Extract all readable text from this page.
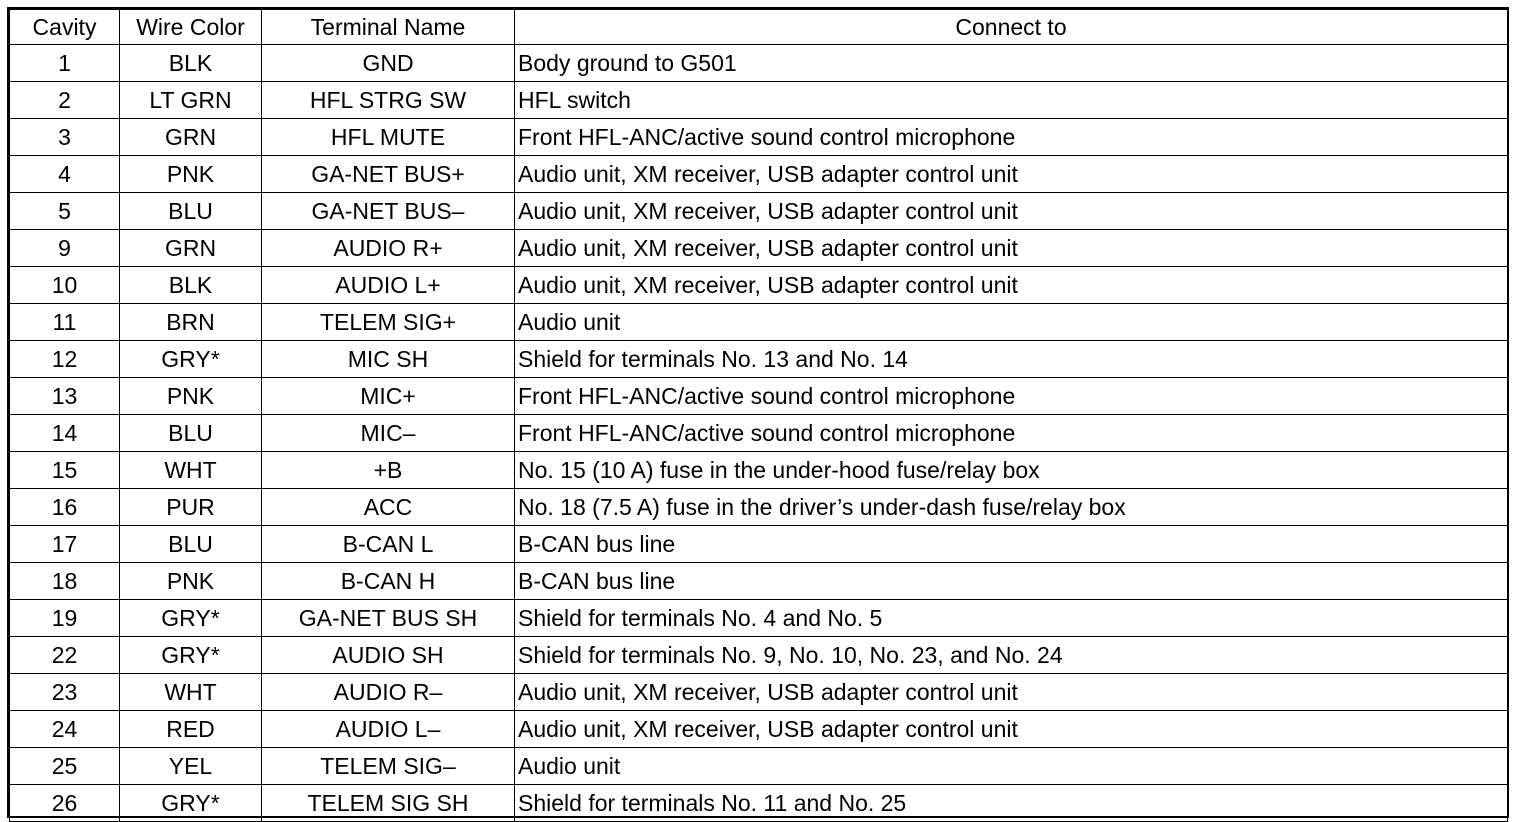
Cavity	Wire Color	Terminal Name	Connect to
1	BLK	GND	Body ground to G501
2	LT GRN	HFL STRG SW	HFL switch
3	GRN	HFL MUTE	Front HFL-ANC/active sound control microphone
4	PNK	GA-NET BUS+	Audio unit, XM receiver, USB adapter control unit
5	BLU	GA-NET BUS–	Audio unit, XM receiver, USB adapter control unit
9	GRN	AUDIO R+	Audio unit, XM receiver, USB adapter control unit
10	BLK	AUDIO L+	Audio unit, XM receiver, USB adapter control unit
11	BRN	TELEM SIG+	Audio unit
12	GRY*	MIC SH	Shield for terminals No. 13 and No. 14
13	PNK	MIC+	Front HFL-ANC/active sound control microphone
14	BLU	MIC–	Front HFL-ANC/active sound control microphone
15	WHT	+B	No. 15 (10 A) fuse in the under-hood fuse/relay box
16	PUR	ACC	No. 18 (7.5 A) fuse in the driver’s under-dash fuse/relay box
17	BLU	B-CAN L	B-CAN bus line
18	PNK	B-CAN H	B-CAN bus line
19	GRY*	GA-NET BUS SH	Shield for terminals No. 4 and No. 5
22	GRY*	AUDIO SH	Shield for terminals No. 9, No. 10, No. 23, and No. 24
23	WHT	AUDIO R–	Audio unit, XM receiver, USB adapter control unit
24	RED	AUDIO L–	Audio unit, XM receiver, USB adapter control unit
25	YEL	TELEM SIG–	Audio unit
26	GRY*	TELEM SIG SH	Shield for terminals No. 11 and No. 25
